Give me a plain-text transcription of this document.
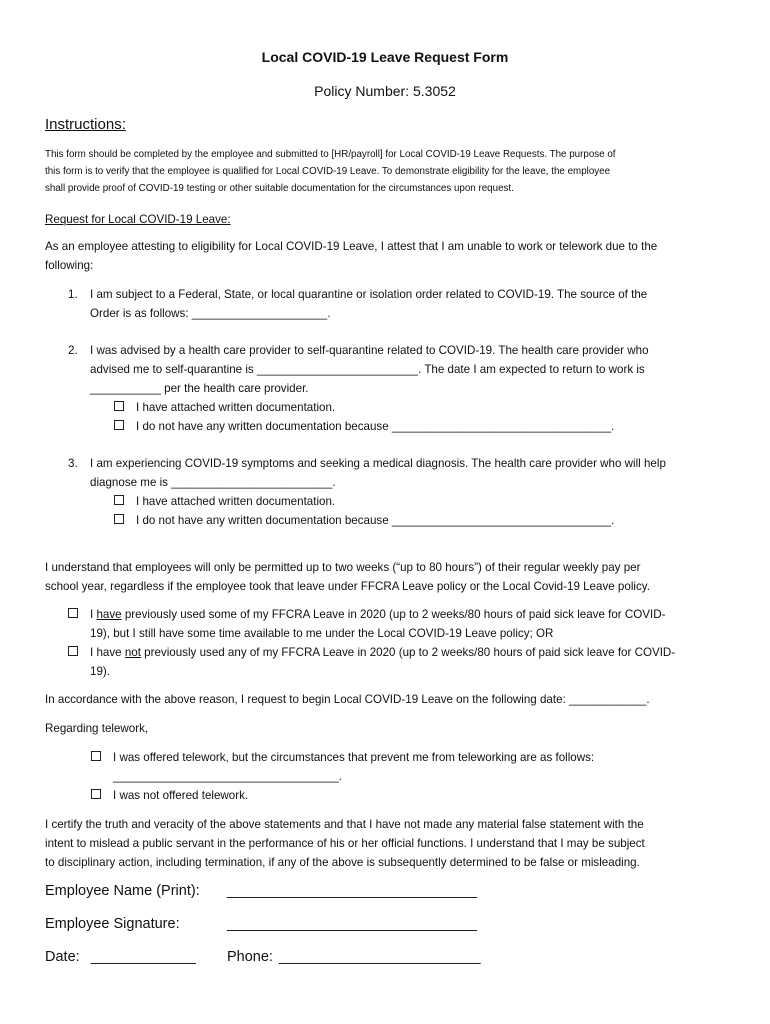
Local COVID-19 Leave Request Form
Policy Number: 5.3052
Instructions:
This form should be completed by the employee and submitted to [HR/payroll] for Local COVID-19 Leave Requests. The purpose of
this form is to verify that the employee is qualified for Local COVID-19 Leave. To demonstrate eligibility for the leave, the employee
shall provide proof of COVID-19 testing or other suitable documentation for the circumstances upon request.
Request for Local COVID-19 Leave:
As an employee attesting to eligibility for Local COVID-19 Leave, I attest that I am unable to work or telework due to the
following:
1. I am subject to a Federal, State, or local quarantine or isolation order related to COVID-19. The source of the
Order is as follows: _____________________.
2. I was advised by a health care provider to self-quarantine related to COVID-19. The health care provider who
advised me to self-quarantine is _________________________. The date I am expected to return to work is
___________ per the health care provider.
I have attached written documentation.
I do not have any written documentation because __________________________________.
3. I am experiencing COVID-19 symptoms and seeking a medical diagnosis. The health care provider who will help
diagnose me is _________________________.
I have attached written documentation.
I do not have any written documentation because __________________________________.
I understand that employees will only be permitted up to two weeks (“up to 80 hours”) of their regular weekly pay per
school year, regardless if the employee took that leave under FFCRA Leave policy or the Local Covid-19 Leave policy.
I have previously used some of my FFCRA Leave in 2020 (up to 2 weeks/80 hours of paid sick leave for COVID-
19), but I still have some time available to me under the Local COVID-19 Leave policy; OR
I have not previously used any of my FFCRA Leave in 2020 (up to 2 weeks/80 hours of paid sick leave for COVID-
19).
In accordance with the above reason, I request to begin Local COVID-19 Leave on the following date: ____________.
Regarding telework,
I was offered telework, but the circumstances that prevent me from teleworking are as follows:
___________________________________.
I was not offered telework.
I certify the truth and veracity of the above statements and that I have not made any material false statement with the
intent to mislead a public servant in the performance of his or her official functions. I understand that I may be subject
to disciplinary action, including termination, if any of the above is subsequently determined to be false or misleading.
Employee Name (Print): _______________________________
Employee Signature:	_______________________________
Date: _____________ Phone: _________________________
